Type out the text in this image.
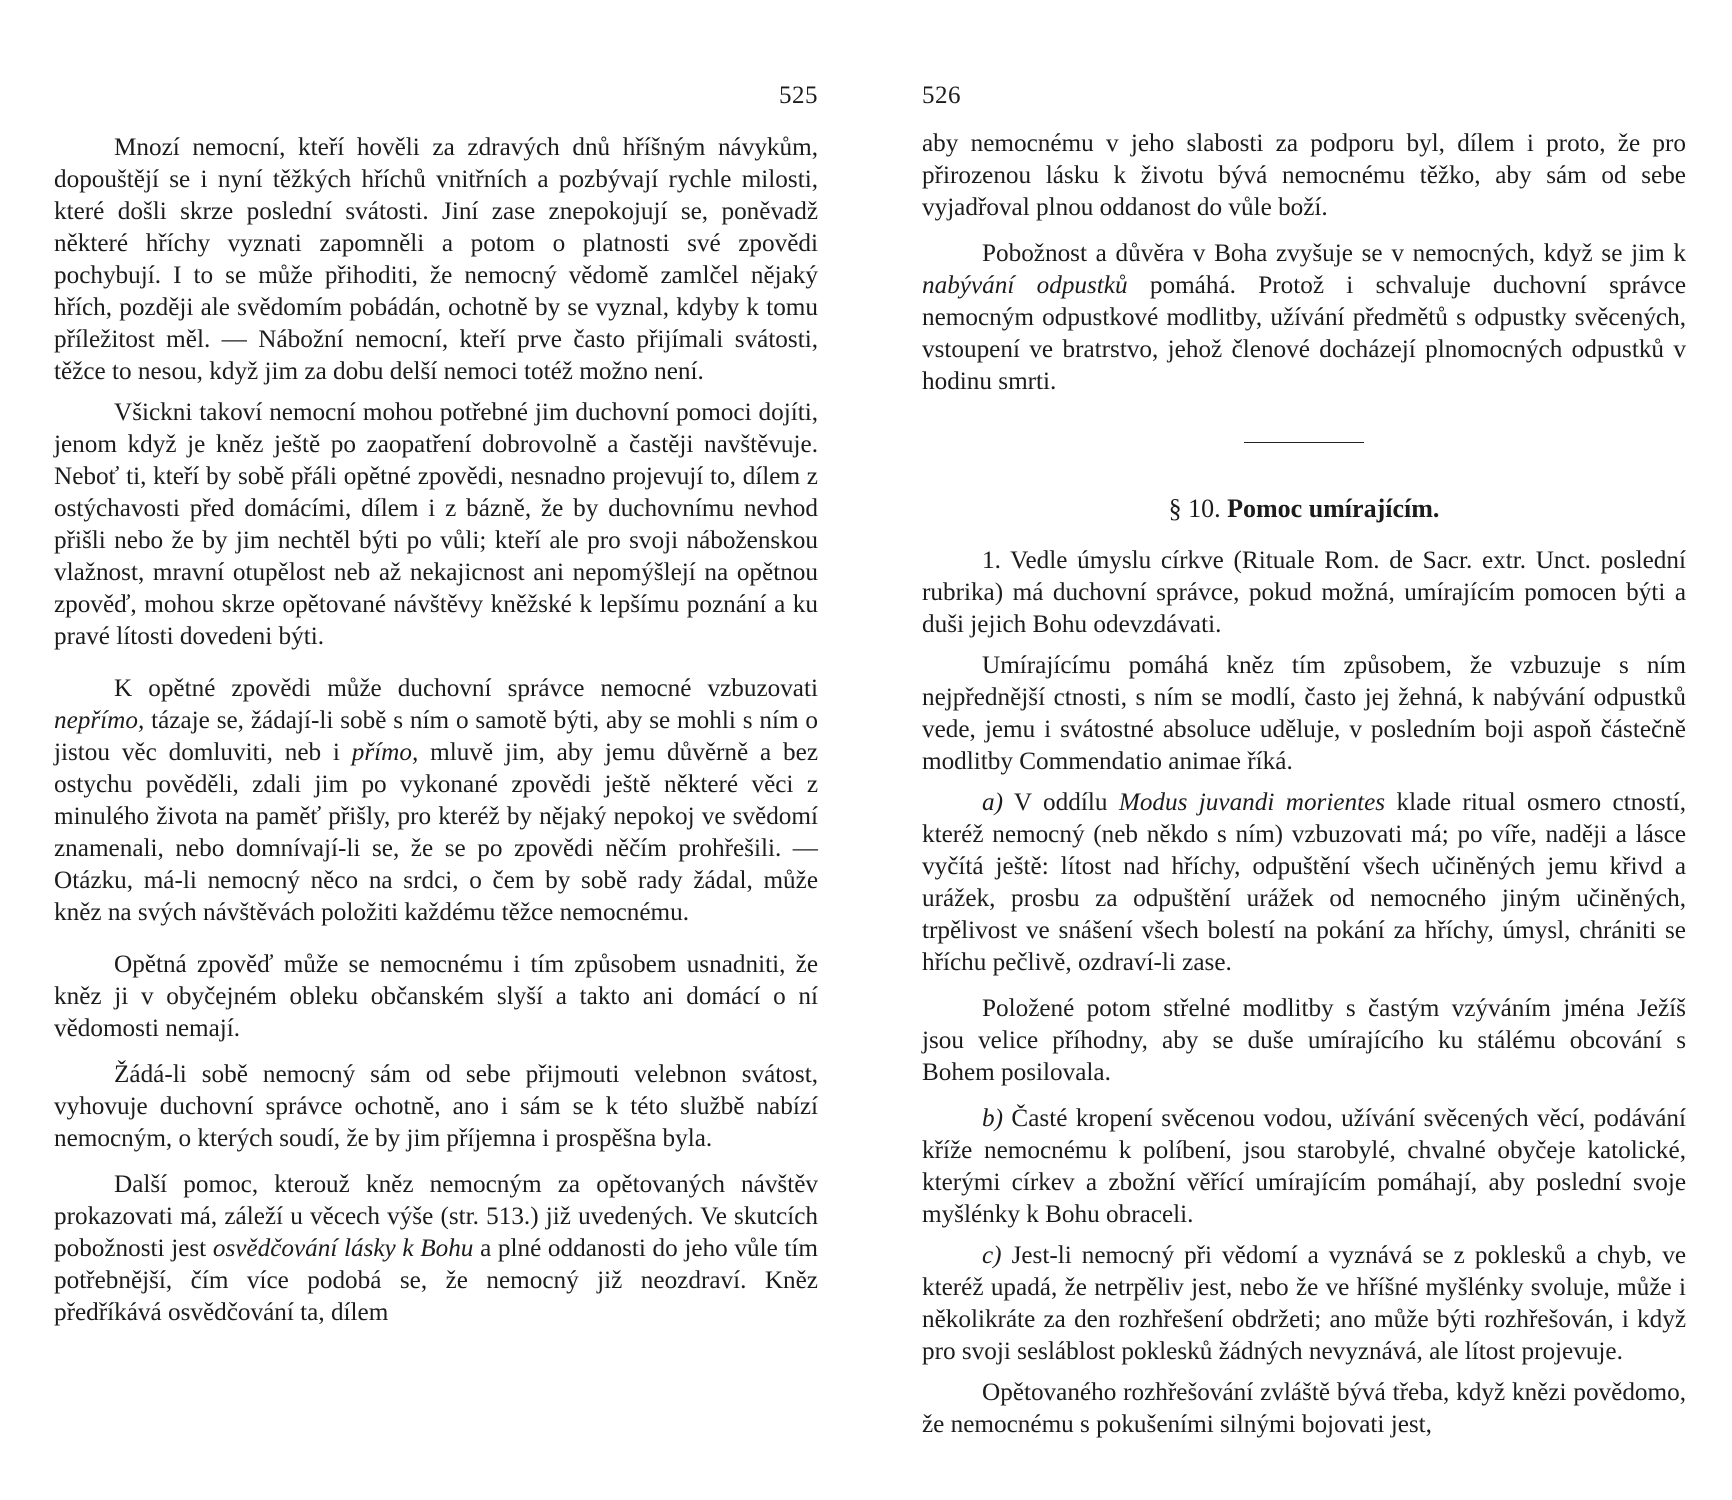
525

Mnozí nemocní, kteří hověli za zdravých dnů hříšným návykům, dopouštějí se i nyní těžkých hříchů vnitřních a pozbývají rychle milosti, které došli skrze poslední svátosti. Jiní zase znepokojují se, poněvadž některé hříchy vyznati zapomněli a potom o platnosti své zpovědi pochybují. I to se může přihoditi, že nemocný vědomě zamlčel nějaký hřích, později ale svědomím pobádán, ochotně by se vyznal, kdyby k tomu příležitost měl. — Nábožní nemocní, kteří prve často přijímali svátosti, těžce to nesou, když jim za dobu delší nemoci totéž možno není.

Všickni takoví nemocní mohou potřebné jim duchovní pomoci dojíti, jenom když je kněz ještě po zaopatření dobrovolně a častěji navštěvuje. Neboť ti, kteří by sobě přáli opětné zpovědi, nesnadno projevují to, dílem z ostýchavosti před domácími, dílem i z bázně, že by duchovnímu nevhod přišli nebo že by jim nechtěl býti po vůli; kteří ale pro svoji náboženskou vlažnost, mravní otupělost neb až nekajicnost ani nepomýšlejí na opětnou zpověď, mohou skrze opětované návštěvy kněžské k lepšímu poznání a ku pravé lítosti dovedeni býti.

K opětné zpovědi může duchovní správce nemocné vzbuzovati nepřímo, tázaje se, žádají-li sobě s ním o samotě býti, aby se mohli s ním o jistou věc domluviti, neb i přímo, mluvě jim, aby jemu důvěrně a bez ostychu pověděli, zdali jim po vykonané zpovědi ještě některé věci z minulého života na paměť přišly, pro kteréž by nějaký nepokoj ve svědomí znamenali, nebo domnívají-li se, že se po zpovědi něčím prohřešili. — Otázku, má-li nemocný něco na srdci, o čem by sobě rady žádal, může kněz na svých návštěvách položiti každému těžce nemocnému.

Opětná zpověď může se nemocnému i tím způsobem usnadniti, že kněz ji v obyčejném obleku občanském slyší a takto ani domácí o ní vědomosti nemají.

Žádá-li sobě nemocný sám od sebe přijmouti velebnon svátost, vyhovuje duchovní správce ochotně, ano i sám se k této službě nabízí nemocným, o kterých soudí, že by jim příjemna i prospěšna byla.

Další pomoc, kterouž kněz nemocným za opětovaných návštěv prokazovati má, záleží u věcech výše (str. 513.) již uvedených. Ve skutcích pobožnosti jest osvědčování lásky k Bohu a plné oddanosti do jeho vůle tím potřebnější, čím více podobá se, že nemocný již neozdraví. Kněz předříkává osvědčování ta, dílem

526

aby nemocnému v jeho slabosti za podporu byl, dílem i proto, že pro přirozenou lásku k životu bývá nemocnému těžko, aby sám od sebe vyjadřoval plnou oddanost do vůle boží.

Pobožnost a důvěra v Boha zvyšuje se v nemocných, když se jim k nabývání odpustků pomáhá. Protož i schvaluje duchovní správce nemocným odpustkové modlitby, užívání předmětů s odpustky svěcených, vstoupení ve bratrstvo, jehož členové docházejí plnomocných odpustků v hodinu smrti.

§ 10. Pomoc umírajícím.

1. Vedle úmyslu církve (Rituale Rom. de Sacr. extr. Unct. poslední rubrika) má duchovní správce, pokud možná, umírajícím pomocen býti a duši jejich Bohu odevzdávati.

Umírajícímu pomáhá kněz tím způsobem, že vzbuzuje s ním nejpřednější ctnosti, s ním se modlí, často jej žehná, k nabývání odpustků vede, jemu i svátostné absoluce uděluje, v posledním boji aspoň částečně modlitby Commendatio animae říká.

a) V oddílu Modus juvandi morientes klade ritual osmero ctností, kteréž nemocný (neb někdo s ním) vzbuzovati má; po víře, naději a lásce vyčítá ještě: lítost nad hříchy, odpuštění všech učiněných jemu křivd a urážek, prosbu za odpuštění urážek od nemocného jiným učiněných, trpělivost ve snášení všech bolestí na pokání za hříchy, úmysl, chrániti se hříchu pečlivě, ozdraví-li zase.

Položené potom střelné modlitby s častým vzýváním jména Ježíš jsou velice příhodny, aby se duše umírajícího ku stálému obcování s Bohem posilovala.

b) Časté kropení svěcenou vodou, užívání svěcených věcí, podávání kříže nemocnému k políbení, jsou starobylé, chvalné obyčeje katolické, kterými církev a zbožní věřící umírajícím pomáhají, aby poslední svoje myšlénky k Bohu obraceli.

c) Jest-li nemocný při vědomí a vyznává se z poklesků a chyb, ve kteréž upadá, že netrpěliv jest, nebo že ve hříšné myšlénky svoluje, může i několikráte za den rozhřešení obdržeti; ano může býti rozhřešován, i když pro svoji sesláblost poklesků žádných nevyznává, ale lítost projevuje.

Opětovaného rozhřešování zvláště bývá třeba, když knězi povědomo, že nemocnému s pokušeními silnými bojovati jest,
